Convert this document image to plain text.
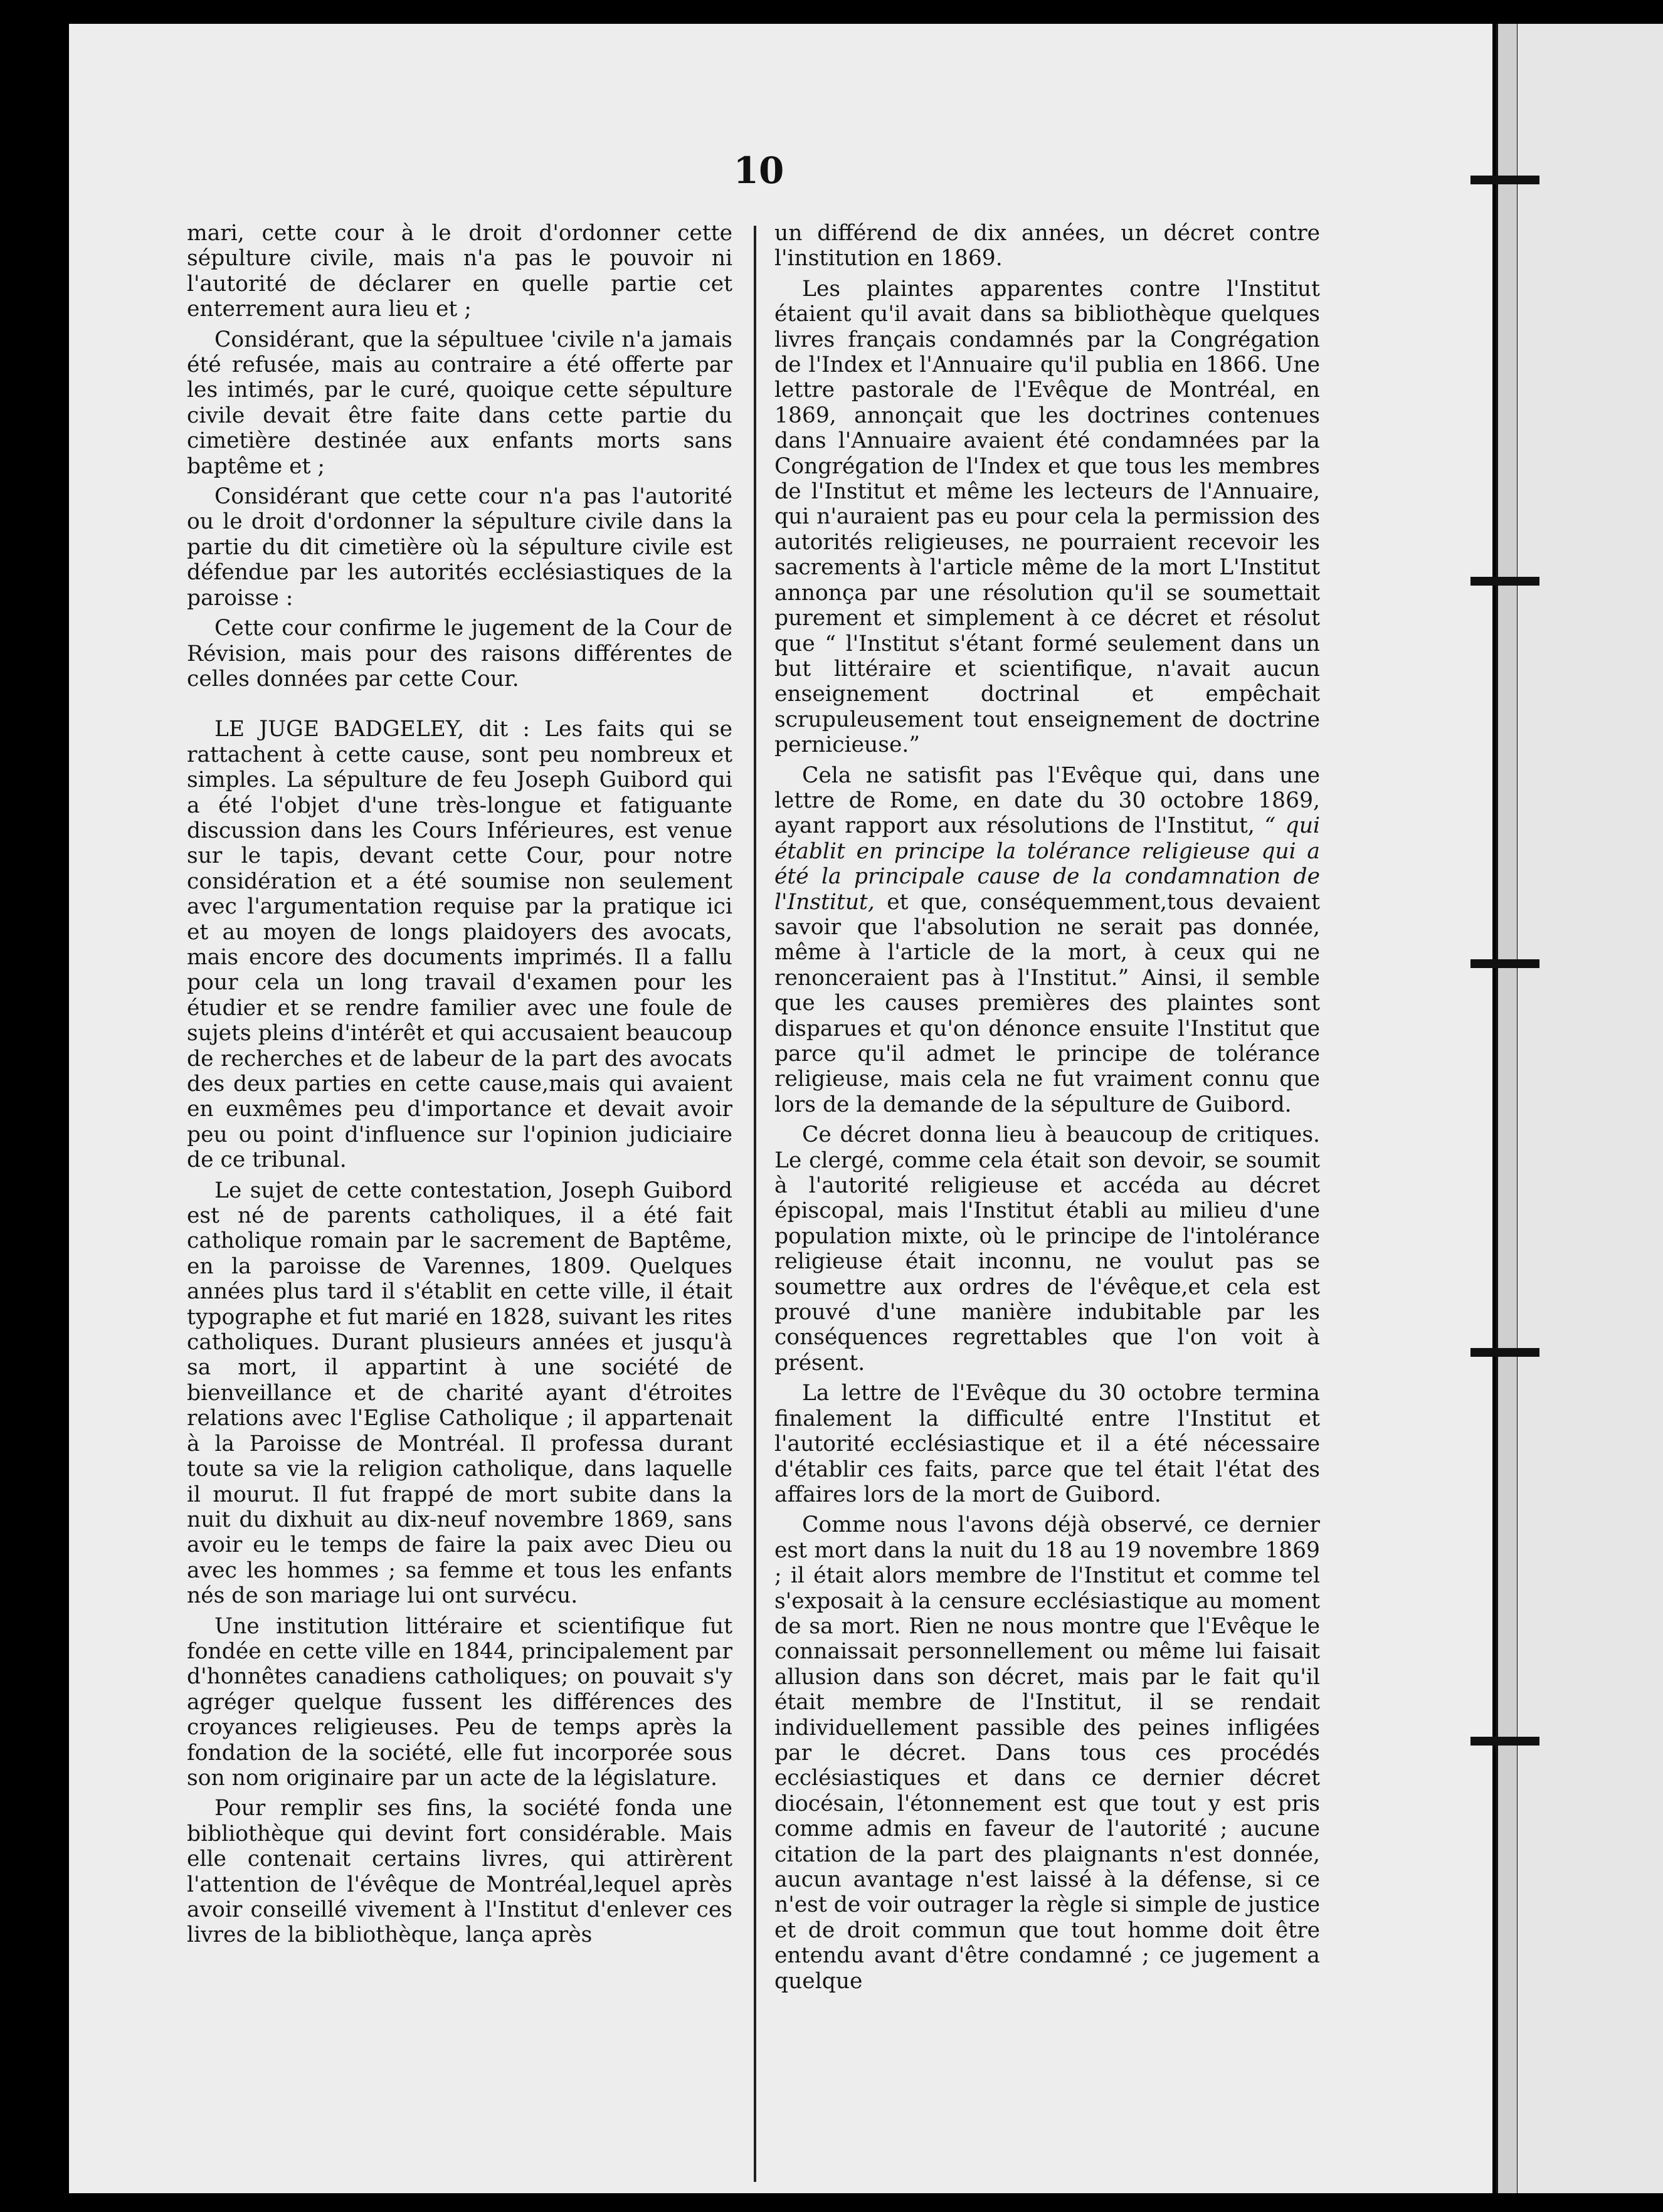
10

mari, cette cour à le droit d'ordonner cette sépulture civile, mais n'a pas le pouvoir ni l'autorité de déclarer en quelle partie cet enterrement aura lieu et ;

Considérant, que la sépultuee 'civile n'a jamais été refusée, mais au contraire a été offerte par les intimés, par le curé, quoique cette sépulture civile devait être faite dans cette partie du cimetière destinée aux enfants morts sans baptême et ;

Considérant que cette cour n'a pas l'autorité ou le droit d'ordonner la sépulture civile dans la partie du dit cimetière où la sépulture civile est défendue par les autorités ecclésiastiques de la paroisse :

Cette cour confirme le jugement de la Cour de Révision, mais pour des raisons différentes de celles données par cette Cour.

LE JUGE BADGELEY, dit : Les faits qui se rattachent à cette cause, sont peu nombreux et simples. La sépulture de feu Joseph Guibord qui a été l'objet d'une très-longue et fatiguante discussion dans les Cours Inférieures, est venue sur le tapis, devant cette Cour, pour notre considération et a été soumise non seulement avec l'argumentation requise par la pratique ici et au moyen de longs plaidoyers des avocats, mais encore des documents imprimés. Il a fallu pour cela un long travail d'examen pour les étudier et se rendre familier avec une foule de sujets pleins d'intérêt et qui accusaient beaucoup de recherches et de labeur de la part des avocats des deux parties en cette cause,mais qui avaient en euxmêmes peu d'importance et devait avoir peu ou point d'influence sur l'opinion judiciaire de ce tribunal.

Le sujet de cette contestation, Joseph Guibord est né de parents catholiques, il a été fait catholique romain par le sacrement de Baptême, en la paroisse de Varennes, 1809. Quelques années plus tard il s'établit en cette ville, il était typographe et fut marié en 1828, suivant les rites catholiques. Durant plusieurs années et jusqu'à sa mort, il appartint à une société de bienveillance et de charité ayant d'étroites relations avec l'Eglise Catholique ; il appartenait à la Paroisse de Montréal. Il professa durant toute sa vie la religion catholique, dans laquelle il mourut. Il fut frappé de mort subite dans la nuit du dixhuit au dix-neuf novembre 1869, sans avoir eu le temps de faire la paix avec Dieu ou avec les hommes ; sa femme et tous les enfants nés de son mariage lui ont survécu.

Une institution littéraire et scientifique fut fondée en cette ville en 1844, principalement par d'honnêtes canadiens catholiques; on pouvait s'y agréger quelque fussent les différences des croyances religieuses. Peu de temps après la fondation de la société, elle fut incorporée sous son nom originaire par un acte de la législature.

Pour remplir ses fins, la société fonda une bibliothèque qui devint fort considérable. Mais elle contenait certains livres, qui attirèrent l'attention de l'évêque de Montréal,lequel après avoir conseillé vivement à l'Institut d'enlever ces livres de la bibliothèque, lança après

un différend de dix années, un décret contre l'institution en 1869.

Les plaintes apparentes contre l'Institut étaient qu'il avait dans sa bibliothèque quelques livres français condamnés par la Congrégation de l'Index et l'Annuaire qu'il publia en 1866. Une lettre pastorale de l'Evêque de Montréal, en 1869, annonçait que les doctrines contenues dans l'Annuaire avaient été condamnées par la Congrégation de l'Index et que tous les membres de l'Institut et même les lecteurs de l'Annuaire, qui n'auraient pas eu pour cela la permission des autorités religieuses, ne pourraient recevoir les sacrements à l'article même de la mort L'Institut annonça par une résolution qu'il se soumettait purement et simplement à ce décret et résolut que “ l'Institut s'étant formé seulement dans un but littéraire et scientifique, n'avait aucun enseignement doctrinal et empêchait scrupuleusement tout enseignement de doctrine pernicieuse.”

Cela ne satisfit pas l'Evêque qui, dans une lettre de Rome, en date du 30 octobre 1869, ayant rapport aux résolutions de l'Institut, “ qui établit en principe la tolérance religieuse qui a été la principale cause de la condamnation de l'Institut, et que, conséquemment,tous devaient savoir que l'absolution ne serait pas donnée, même à l'article de la mort, à ceux qui ne renonceraient pas à l'Institut.” Ainsi, il semble que les causes premières des plaintes sont disparues et qu'on dénonce ensuite l'Institut que parce qu'il admet le principe de tolérance religieuse, mais cela ne fut vraiment connu que lors de la demande de la sépulture de Guibord.

Ce décret donna lieu à beaucoup de critiques. Le clergé, comme cela était son devoir, se soumit à l'autorité religieuse et accéda au décret épiscopal, mais l'Institut établi au milieu d'une population mixte, où le principe de l'intolérance religieuse était inconnu, ne voulut pas se soumettre aux ordres de l'évêque,et cela est prouvé d'une manière indubitable par les conséquences regrettables que l'on voit à présent.

La lettre de l'Evêque du 30 octobre termina finalement la difficulté entre l'Institut et l'autorité ecclésiastique et il a été nécessaire d'établir ces faits, parce que tel était l'état des affaires lors de la mort de Guibord.

Comme nous l'avons déjà observé, ce dernier est mort dans la nuit du 18 au 19 novembre 1869 ; il était alors membre de l'Institut et comme tel s'exposait à la censure ecclésiastique au moment de sa mort. Rien ne nous montre que l'Evêque le connaissait personnellement ou même lui faisait allusion dans son décret, mais par le fait qu'il était membre de l'Institut, il se rendait individuellement passible des peines infligées par le décret. Dans tous ces procédés ecclésiastiques et dans ce dernier décret diocésain, l'étonnement est que tout y est pris comme admis en faveur de l'autorité ; aucune citation de la part des plaignants n'est donnée, aucun avantage n'est laissé à la défense, si ce n'est de voir outrager la règle si simple de justice et de droit commun que tout homme doit être entendu avant d'être condamné ; ce jugement a quelque
